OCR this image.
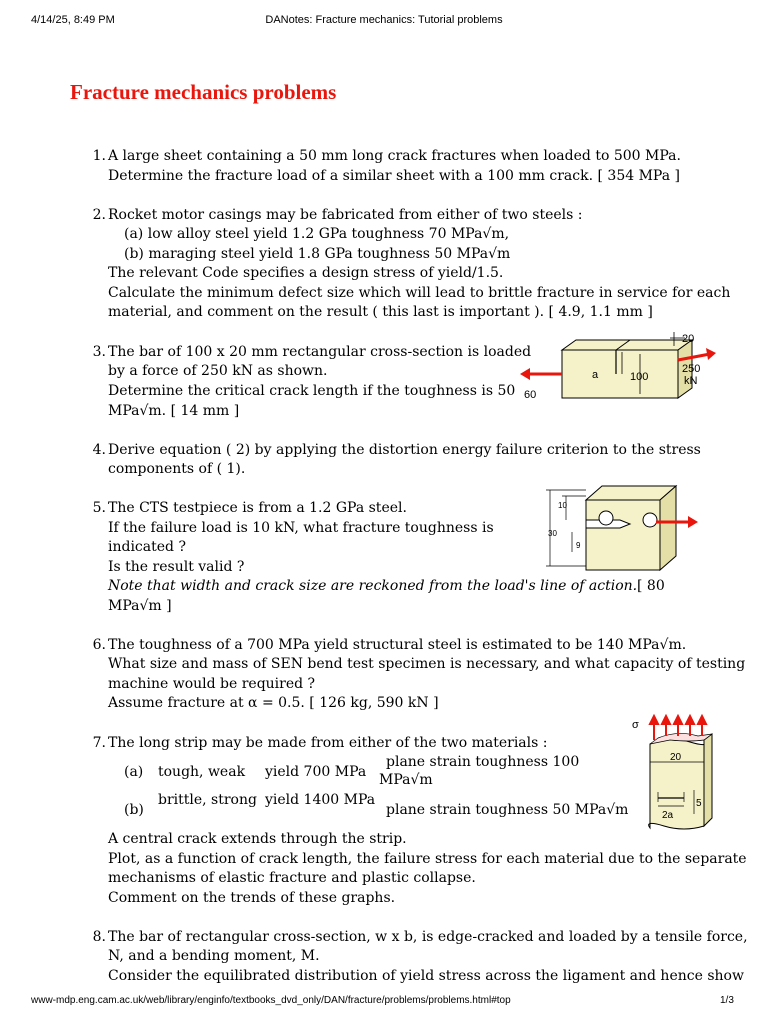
4/14/25, 8:49 PM	DANotes: Fracture mechanics: Tutorial problems
Fracture mechanics problems
1. A large sheet containing a 50 mm long crack fractures when loaded to 500 MPa.
Determine the fracture load of a similar sheet with a 100 mm crack. [ 354 MPa ]
2. Rocket motor casings may be fabricated from either of two steels :
(a) low alloy steel yield 1.2 GPa toughness 70 MPa√m,
(b) maraging steel yield 1.8 GPa toughness 50 MPa√m
The relevant Code specifies a design stress of yield/1.5.
Calculate the minimum defect size which will lead to brittle fracture in service for each
material, and comment on the result ( this last is important ). [ 4.9, 1.1 mm ]
3. The bar of 100 x 20 mm rectangular cross-section is loaded
by a force of 250 kN as shown.
Determine the critical crack length if the toughness is 50
MPa√m. [ 14 mm ]
a	100
20
250
kN
60
4. Derive equation ( 2) by applying the distortion energy failure criterion to the stress
components of ( 1).
5. The CTS testpiece is from a 1.2 GPa steel.
If the failure load is 10 kN, what fracture toughness is
indicated ?
Is the result valid ?
Note that width and crack size are reckoned from the load's line of action. [ 80
MPa√m ]
10
30
9
6. The toughness of a 700 MPa yield structural steel is estimated to be 140 MPa√m.
What size and mass of SEN bend test specimen is necessary, and what capacity of testing
machine would be required ?
Assume fracture at α = 0.5. [ 126 kg, 590 kN ]
7. The long strip may be made from either of the two materials :
(a) tough, weak yield 700 MPa
plane strain toughness 100
MPa√m
(b)
brittle, strong yield 1400 MPa
plane strain toughness 50 MPa√m
A central crack extends through the strip.
Plot, as a function of crack length, the failure stress for each material due to the separate
mechanisms of elastic fracture and plastic collapse.
Comment on the trends of these graphs.
σ
20
2a
5
8. The bar of rectangular cross-section, w x b, is edge-cracked and loaded by a tensile force,
N, and a bending moment, M.
Consider the equilibrated distribution of yield stress across the ligament and hence show
www-mdp.eng.cam.ac.uk/web/library/enginfo/textbooks_dvd_only/DAN/fracture/problems/problems.html#top	1/3
